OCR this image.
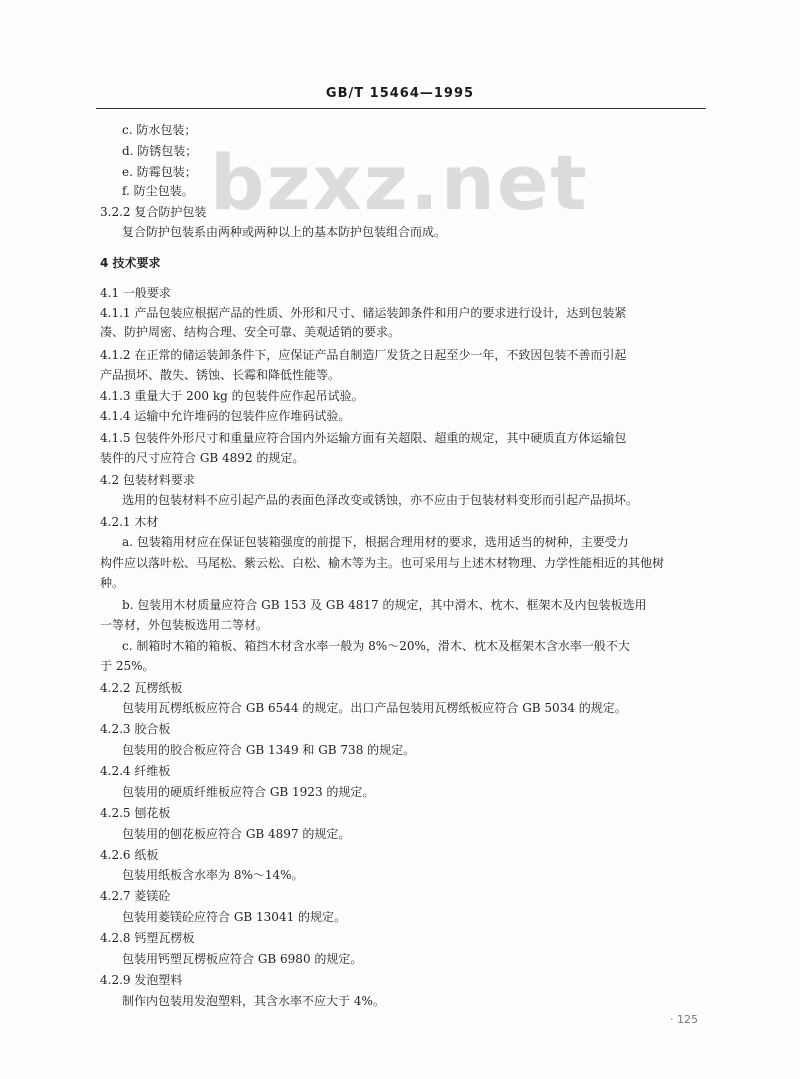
GB/T 15464—1995
bzxz.net
c. 防水包装；
d. 防锈包装；
e. 防霉包装；
f. 防尘包装。
3.2.2 复合防护包装
复合防护包装系由两种或两种以上的基本防护包装组合而成。
4 技术要求
4.1 一般要求
4.1.1 产品包装应根据产品的性质、外形和尺寸、储运装卸条件和用户的要求进行设计，达到包装紧
凑、防护周密、结构合理、安全可靠、美观适销的要求。
4.1.2 在正常的储运装卸条件下，应保证产品自制造厂发货之日起至少一年，不致因包装不善而引起
产品损坏、散失、锈蚀、长霉和降低性能等。
4.1.3 重量大于 200 kg 的包装件应作起吊试验。
4.1.4 运输中允许堆码的包装件应作堆码试验。
4.1.5 包装件外形尺寸和重量应符合国内外运输方面有关超限、超重的规定，其中硬质直方体运输包
装件的尺寸应符合 GB 4892 的规定。
4.2 包装材料要求
选用的包装材料不应引起产品的表面色泽改变或锈蚀，亦不应由于包装材料变形而引起产品损坏。
4.2.1 木材
a. 包装箱用材应在保证包装箱强度的前提下，根据合理用材的要求，选用适当的树种，主要受力
构件应以落叶松、马尾松、紫云松、白松、榆木等为主。也可采用与上述木材物理、力学性能相近的其他树
种。
b. 包装用木材质量应符合 GB 153 及 GB 4817 的规定，其中滑木、枕木、框架木及内包装板选用
一等材，外包装板选用二等材。
c. 制箱时木箱的箱板、箱挡木材含水率一般为 8%～20%，滑木、枕木及框架木含水率一般不大
于 25%。
4.2.2 瓦楞纸板
包装用瓦楞纸板应符合 GB 6544 的规定。出口产品包装用瓦楞纸板应符合 GB 5034 的规定。
4.2.3 胶合板
包装用的胶合板应符合 GB 1349 和 GB 738 的规定。
4.2.4 纤维板
包装用的硬质纤维板应符合 GB 1923 的规定。
4.2.5 刨花板
包装用的刨花板应符合 GB 4897 的规定。
4.2.6 纸板
包装用纸板含水率为 8%～14%。
4.2.7 菱镁砼
包装用菱镁砼应符合 GB 13041 的规定。
4.2.8 钙塑瓦楞板
包装用钙塑瓦楞板应符合 GB 6980 的规定。
4.2.9 发泡塑料
制作内包装用发泡塑料，其含水率不应大于 4%。
· 125
